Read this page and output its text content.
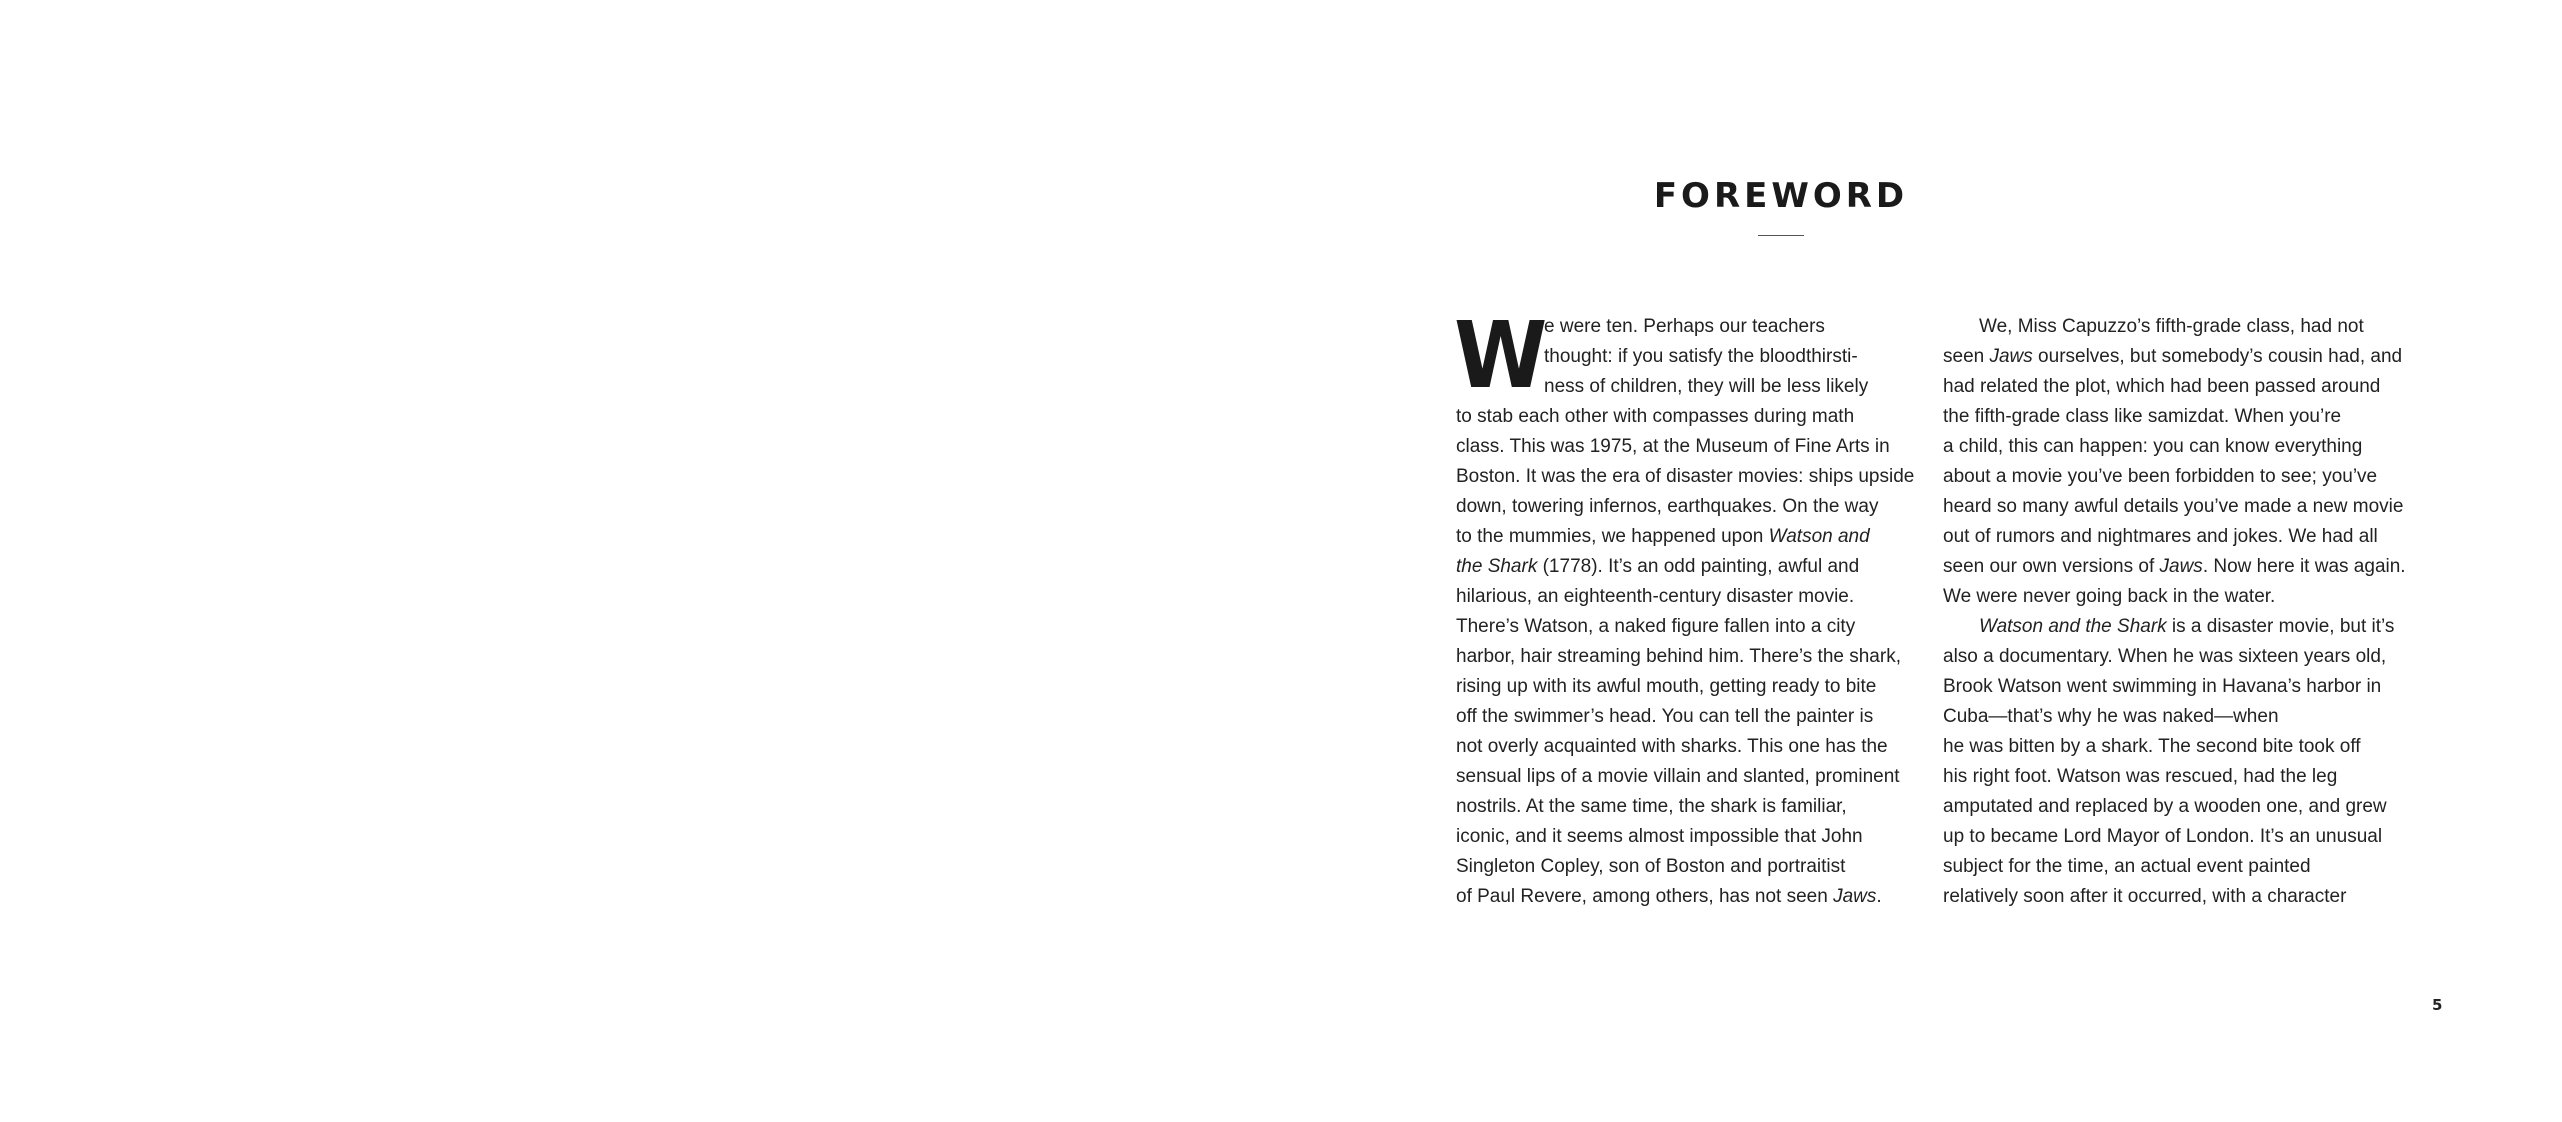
FOREWORD
W
e were ten. Perhaps our teachers
thought: if you satisfy the bloodthirsti-
ness of children, they will be less likely
to stab each other with compasses during math
class. This was 1975, at the Museum of Fine Arts in
Boston. It was the era of disaster movies: ships upside
down, towering infernos, earthquakes. On the way
to the mummies, we happened upon Watson and
the Shark (1778). It’s an odd painting, awful and
hilarious, an eighteenth-century disaster movie.
There’s Watson, a naked figure fallen into a city
harbor, hair streaming behind him. There’s the shark,
rising up with its awful mouth, getting ready to bite
off the swimmer’s head. You can tell the painter is
not overly acquainted with sharks. This one has the
sensual lips of a movie villain and slanted, prominent
nostrils. At the same time, the shark is familiar,
iconic, and it seems almost impossible that John
Singleton Copley, son of Boston and portraitist
of Paul Revere, among others, has not seen Jaws.
We, Miss Capuzzo’s fifth-grade class, had not
seen Jaws ourselves, but somebody’s cousin had, and
had related the plot, which had been passed around
the fifth-grade class like samizdat. When you’re
a child, this can happen: you can know everything
about a movie you’ve been forbidden to see; you’ve
heard so many awful details you’ve made a new movie
out of rumors and nightmares and jokes. We had all
seen our own versions of Jaws. Now here it was again.
We were never going back in the water.
Watson and the Shark is a disaster movie, but it’s
also a documentary. When he was sixteen years old,
Brook Watson went swimming in Havana’s harbor in
Cuba—that’s why he was naked—when
he was bitten by a shark. The second bite took off
his right foot. Watson was rescued, had the leg
amputated and replaced by a wooden one, and grew
up to became Lord Mayor of London. It’s an unusual
subject for the time, an actual event painted
relatively soon after it occurred, with a character
5
